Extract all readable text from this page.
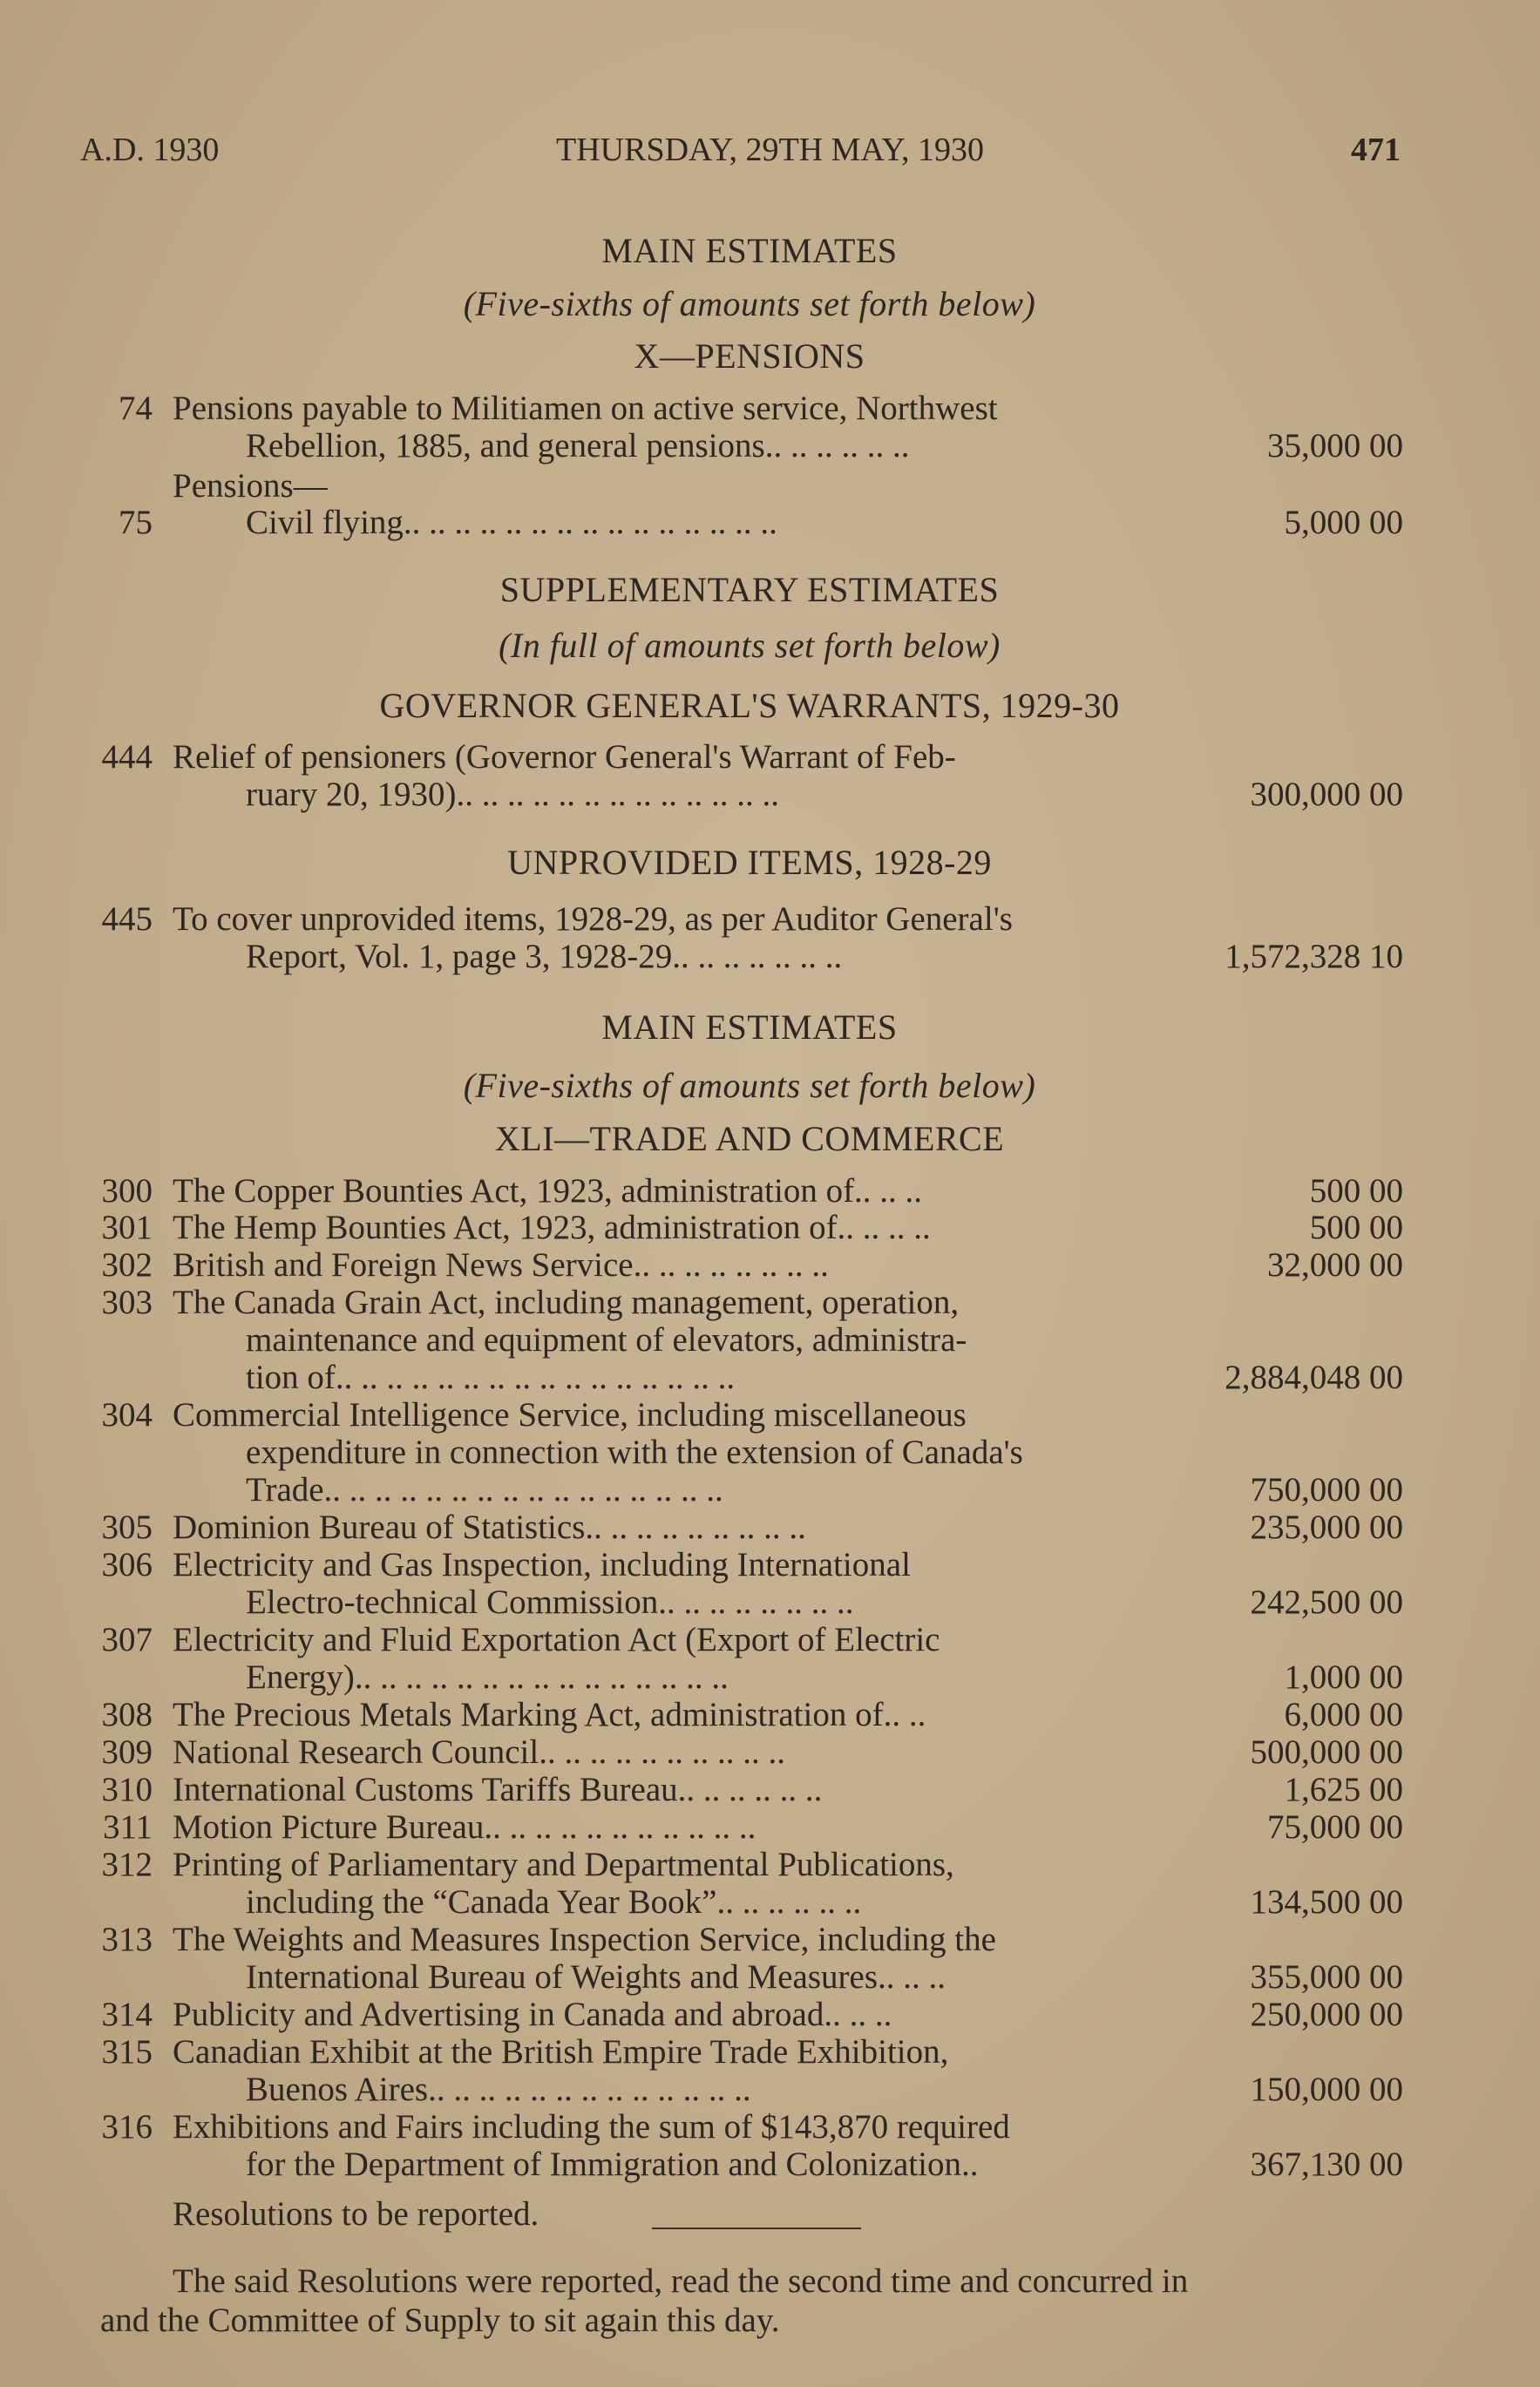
A.D. 1930	THURSDAY, 29TH MAY, 1930	471
MAIN ESTIMATES
(Five-sixths of amounts set forth below)
X—PENSIONS
74 Pensions payable to Militiamen on active service, Northwest
Rebellion, 1885, and general pensions.. .. .. .. .. ..	35,000 00
Pensions—
75	Civil flying.. .. .. .. .. .. .. .. .. .. .. .. .. .. ..	5,000 00
SUPPLEMENTARY ESTIMATES
(In full of amounts set forth below)
GOVERNOR GENERAL'S WARRANTS, 1929-30
444 Relief of pensioners (Governor General's Warrant of Feb-
ruary 20, 1930).. .. .. .. .. .. .. .. .. .. .. .. ..	300,000 00
UNPROVIDED ITEMS, 1928-29
445 To cover unprovided items, 1928-29, as per Auditor General's
Report, Vol. 1, page 3, 1928-29.. .. .. .. .. .. ..	1,572,328 10
MAIN ESTIMATES
(Five-sixths of amounts set forth below)
XLI—TRADE AND COMMERCE
300 The Copper Bounties Act, 1923, administration of.. .. ..	500 00
301 The Hemp Bounties Act, 1923, administration of.. .. .. ..	500 00
302 British and Foreign News Service.. .. .. .. .. .. .. ..	32,000 00
303 The Canada Grain Act, including management, operation,
maintenance and equipment of elevators, administra-
tion of.. .. .. .. .. .. .. .. .. .. .. .. .. .. .. ..	2,884,048 00
304 Commercial Intelligence Service, including miscellaneous
expenditure in connection with the extension of Canada's
Trade.. .. .. .. .. .. .. .. .. .. .. .. .. .. .. ..	750,000 00
305 Dominion Bureau of Statistics.. .. .. .. .. .. .. .. ..	235,000 00
306 Electricity and Gas Inspection, including International
Electro-technical Commission.. .. .. .. .. .. .. ..	242,500 00
307 Electricity and Fluid Exportation Act (Export of Electric
Energy).. .. .. .. .. .. .. .. .. .. .. .. .. .. ..	1,000 00
308 The Precious Metals Marking Act, administration of.. ..	6,000 00
309 National Research Council.. .. .. .. .. .. .. .. .. ..	500,000 00
310 International Customs Tariffs Bureau.. .. .. .. .. ..	1,625 00
311 Motion Picture Bureau.. .. .. .. .. .. .. .. .. .. ..	75,000 00
312 Printing of Parliamentary and Departmental Publications,
including the “Canada Year Book”.. .. .. .. .. ..	134,500 00
313 The Weights and Measures Inspection Service, including the
International Bureau of Weights and Measures.. .. ..	355,000 00
314 Publicity and Advertising in Canada and abroad.. .. ..	250,000 00
315 Canadian Exhibit at the British Empire Trade Exhibition,
Buenos Aires.. .. .. .. .. .. .. .. .. .. .. .. ..	150,000 00
316 Exhibitions and Fairs including the sum of $143,870 required
for the Department of Immigration and Colonization..	367,130 00
Resolutions to be reported.
The said Resolutions were reported, read the second time and concurred in
and the Committee of Supply to sit again this day.
